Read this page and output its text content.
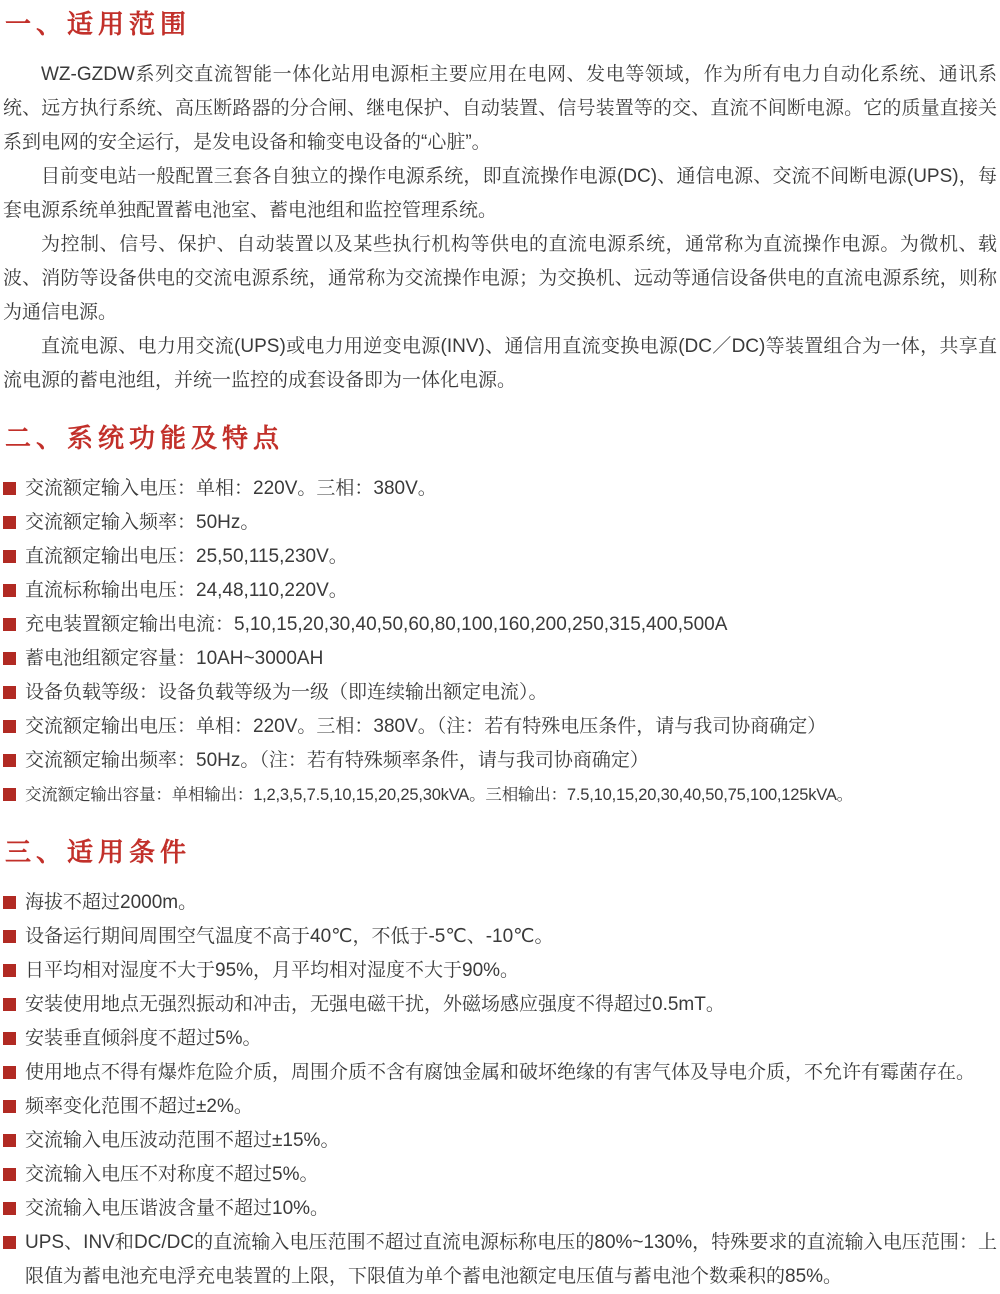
一、适用范围

WZ-GZDW系列交直流智能一体化站用电源柜主要应用在电网、发电等领域，作为所有电力自动化系统、通讯系统、远方执行系统、高压断路器的分合闸、继电保护、自动装置、信号装置等的交、直流不间断电源。它的质量直接关系到电网的安全运行，是发电设备和输变电设备的“心脏”。

目前变电站一般配置三套各自独立的操作电源系统，即直流操作电源(DC)、通信电源、交流不间断电源(UPS)，每套电源系统单独配置蓄电池室、蓄电池组和监控管理系统。

为控制、信号、保护、自动装置以及某些执行机构等供电的直流电源系统，通常称为直流操作电源。为微机、载波、消防等设备供电的交流电源系统，通常称为交流操作电源；为交换机、远动等通信设备供电的直流电源系统，则称为通信电源。

直流电源、电力用交流(UPS)或电力用逆变电源(INV)、通信用直流变换电源(DC／DC)等装置组合为一体，共享直流电源的蓄电池组，并统一监控的成套设备即为一体化电源。

二、系统功能及特点
交流额定输入电压：单相：220V。三相：380V。
交流额定输入频率：50Hz。
直流额定输出电压：25,50,115,230V。
直流标称输出电压：24,48,110,220V。
充电装置额定输出电流：5,10,15,20,30,40,50,60,80,100,160,200,250,315,400,500A
蓄电池组额定容量：10AH~3000AH
设备负载等级：设备负载等级为一级（即连续输出额定电流）。
交流额定输出电压：单相：220V。三相：380V。（注：若有特殊电压条件，请与我司协商确定）
交流额定输出频率：50Hz。（注：若有特殊频率条件，请与我司协商确定）
交流额定输出容量：单相输出：1,2,3,5,7.5,10,15,20,25,30kVA。三相输出：7.5,10,15,20,30,40,50,75,100,125kVA。
三、适用条件
海拔不超过2000m。
设备运行期间周围空气温度不高于40℃，不低于-5℃、-10℃。
日平均相对湿度不大于95%，月平均相对湿度不大于90%。
安装使用地点无强烈振动和冲击，无强电磁干扰，外磁场感应强度不得超过0.5mT。
安装垂直倾斜度不超过5%。
使用地点不得有爆炸危险介质，周围介质不含有腐蚀金属和破坏绝缘的有害气体及导电介质，不允许有霉菌存在。
频率变化范围不超过±2%。
交流输入电压波动范围不超过±15%。
交流输入电压不对称度不超过5%。
交流输入电压谐波含量不超过10%。
UPS、INV和DC/DC的直流输入电压范围不超过直流电源标称电压的80%~130%，特殊要求的直流输入电压范围：上限值为蓄电池充电浮充电装置的上限，下限值为单个蓄电池额定电压值与蓄电池个数乘积的85%。
